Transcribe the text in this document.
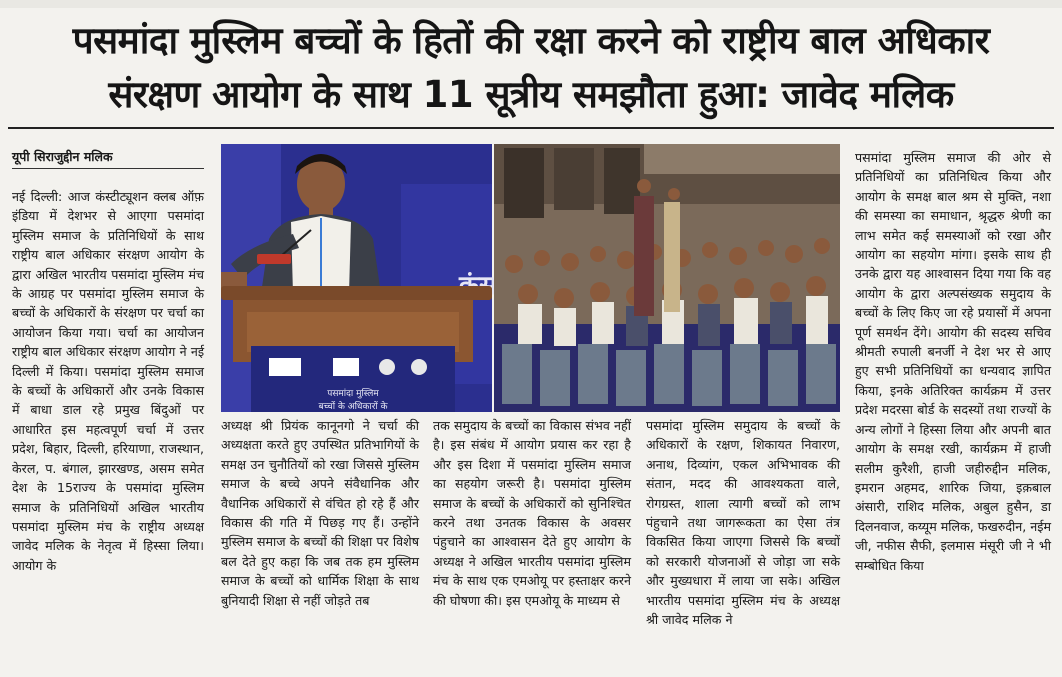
पसमांदा मुस्लिम बच्चों के हितों की रक्षा करने को राष्ट्रीय बाल अधिकार
संरक्षण आयोग के साथ 11 सूत्रीय समझौता हुआ: जावेद मलिक
यूपी सिराजुद्दीन मलिक
नई दिल्ली: आज कंस्टीट्यूशन क्लब ऑफ़ इंडिया में देशभर से आएगा पसमांदा मुस्लिम समाज के प्रतिनिधियों के साथ राष्ट्रीय बाल अधिकार संरक्षण आयोग के द्वारा अखिल भारतीय पसमांदा मुस्लिम मंच के आग्रह पर पसमांदा मुस्लिम समाज के बच्चों के अधिकारों के संरक्षण पर चर्चा का आयोजन किया गया। चर्चा का आयोजन राष्ट्रीय बाल अधिकार संरक्षण आयोग ने नई दिल्ली में किया। पसमांदा मुस्लिम समाज के बच्चों के अधिकारों और उनके विकास में बाधा डाल रहे प्रमुख बिंदुओं पर आधारित इस महत्वपूर्ण चर्चा में उत्तर प्रदेश, बिहार, दिल्ली, हरियाणा, राजस्थान, केरल, प. बंगाल, झारखण्ड, असम समेत देश के 15राज्य के पसमांदा मुस्लिम समाज के प्रतिनिधियों अखिल भारतीय पसमांदा मुस्लिम मंच के राष्ट्रीय अध्यक्ष जावेद मलिक के नेतृत्व में हिस्सा लिया। आयोग के
पसमांदा मुस्लिम
बच्चों के अधिकारों के
अध्यक्ष श्री प्रियंक कानूनगो ने चर्चा की अध्यक्षता करते हुए उपस्थित प्रतिभागियों के समक्ष उन चुनौतियों को रखा जिससे मुस्लिम समाज के बच्चे अपने संवैधानिक और वैधानिक अधिकारों से वंचित हो रहे हैं और विकास की गति में पिछड़ गए हैं। उन्होंने मुस्लिम समाज के बच्चों की शिक्षा पर विशेष बल देते हुए कहा कि जब तक हम मुस्लिम समाज के बच्चों को धार्मिक शिक्षा के साथ बुनियादी शिक्षा से नहीं जोड़ते तब
तक समुदाय के बच्चों का विकास संभव नहीं है। इस संबंध में आयोग प्रयास कर रहा है और इस दिशा में पसमांदा मुस्लिम समाज का सहयोग जरूरी है। पसमांदा मुस्लिम समाज के बच्चों के अधिकारों को सुनिश्चित करने तथा उनतक विकास के अवसर पंहुचाने का आश्वासन देते हुए आयोग के अध्यक्ष ने अखिल भारतीय पसमांदा मुस्लिम मंच के साथ एक एमओयू पर हस्ताक्षर करने की घोषणा की। इस एमओयू के माध्यम से
पसमांदा मुस्लिम समुदाय के बच्चों के अधिकारों के रक्षण, शिकायत निवारण, अनाथ, दिव्यांग, एकल अभिभावक की संतान, मदद की आवश्यकता वाले, रोगग्रस्त, शाला त्यागी बच्चों को लाभ पंहुचाने तथा जागरूकता का ऐसा तंत्र विकसित किया जाएगा जिससे कि बच्चों को सरकारी योजनाओं से जोड़ा जा सके और मुख्यधारा में लाया जा सके। अखिल भारतीय पसमांदा मुस्लिम मंच के अध्यक्ष श्री जावेद मलिक ने
पसमांदा मुस्लिम समाज की ओर से प्रतिनिधियों का प्रतिनिधित्व किया और आयोग के समक्ष बाल श्रम से मुक्ति, नशा की समस्या का समाधान, श्रृद्धरु श्रेणी का लाभ समेत कई समस्याओं को रखा और आयोग का सहयोग मांगा। इसके साथ ही उनके द्वारा यह आश्वासन दिया गया कि वह आयोग के द्वारा अल्पसंख्यक समुदाय के बच्चों के लिए किए जा रहे प्रयासों में अपना पूर्ण समर्थन देंगे। आयोग की सदस्य सचिव श्रीमती रुपाली बनर्जी ने देश भर से आए हुए सभी प्रतिनिधियों का धन्यवाद ज्ञापित किया, इनके अतिरिक्त कार्यक्रम में उत्तर प्रदेश मदरसा बोर्ड के सदस्यों तथा राज्यों के अन्य लोगों ने हिस्सा लिया और अपनी बात आयोग के समक्ष रखी, कार्यक्रम में हाजी सलीम कुरैशी, हाजी जहीरुद्दीन मलिक, इमरान अहमद, शारिक जिया, इक़बाल अंसारी, राशिद मलिक, अबुल हुसैन, डा दिलनवाज, कय्यूम मलिक, फखरुदीन, नईम जी, नफीस सैफी, इलमास मंसूरी जी ने भी सम्बोधित किया
